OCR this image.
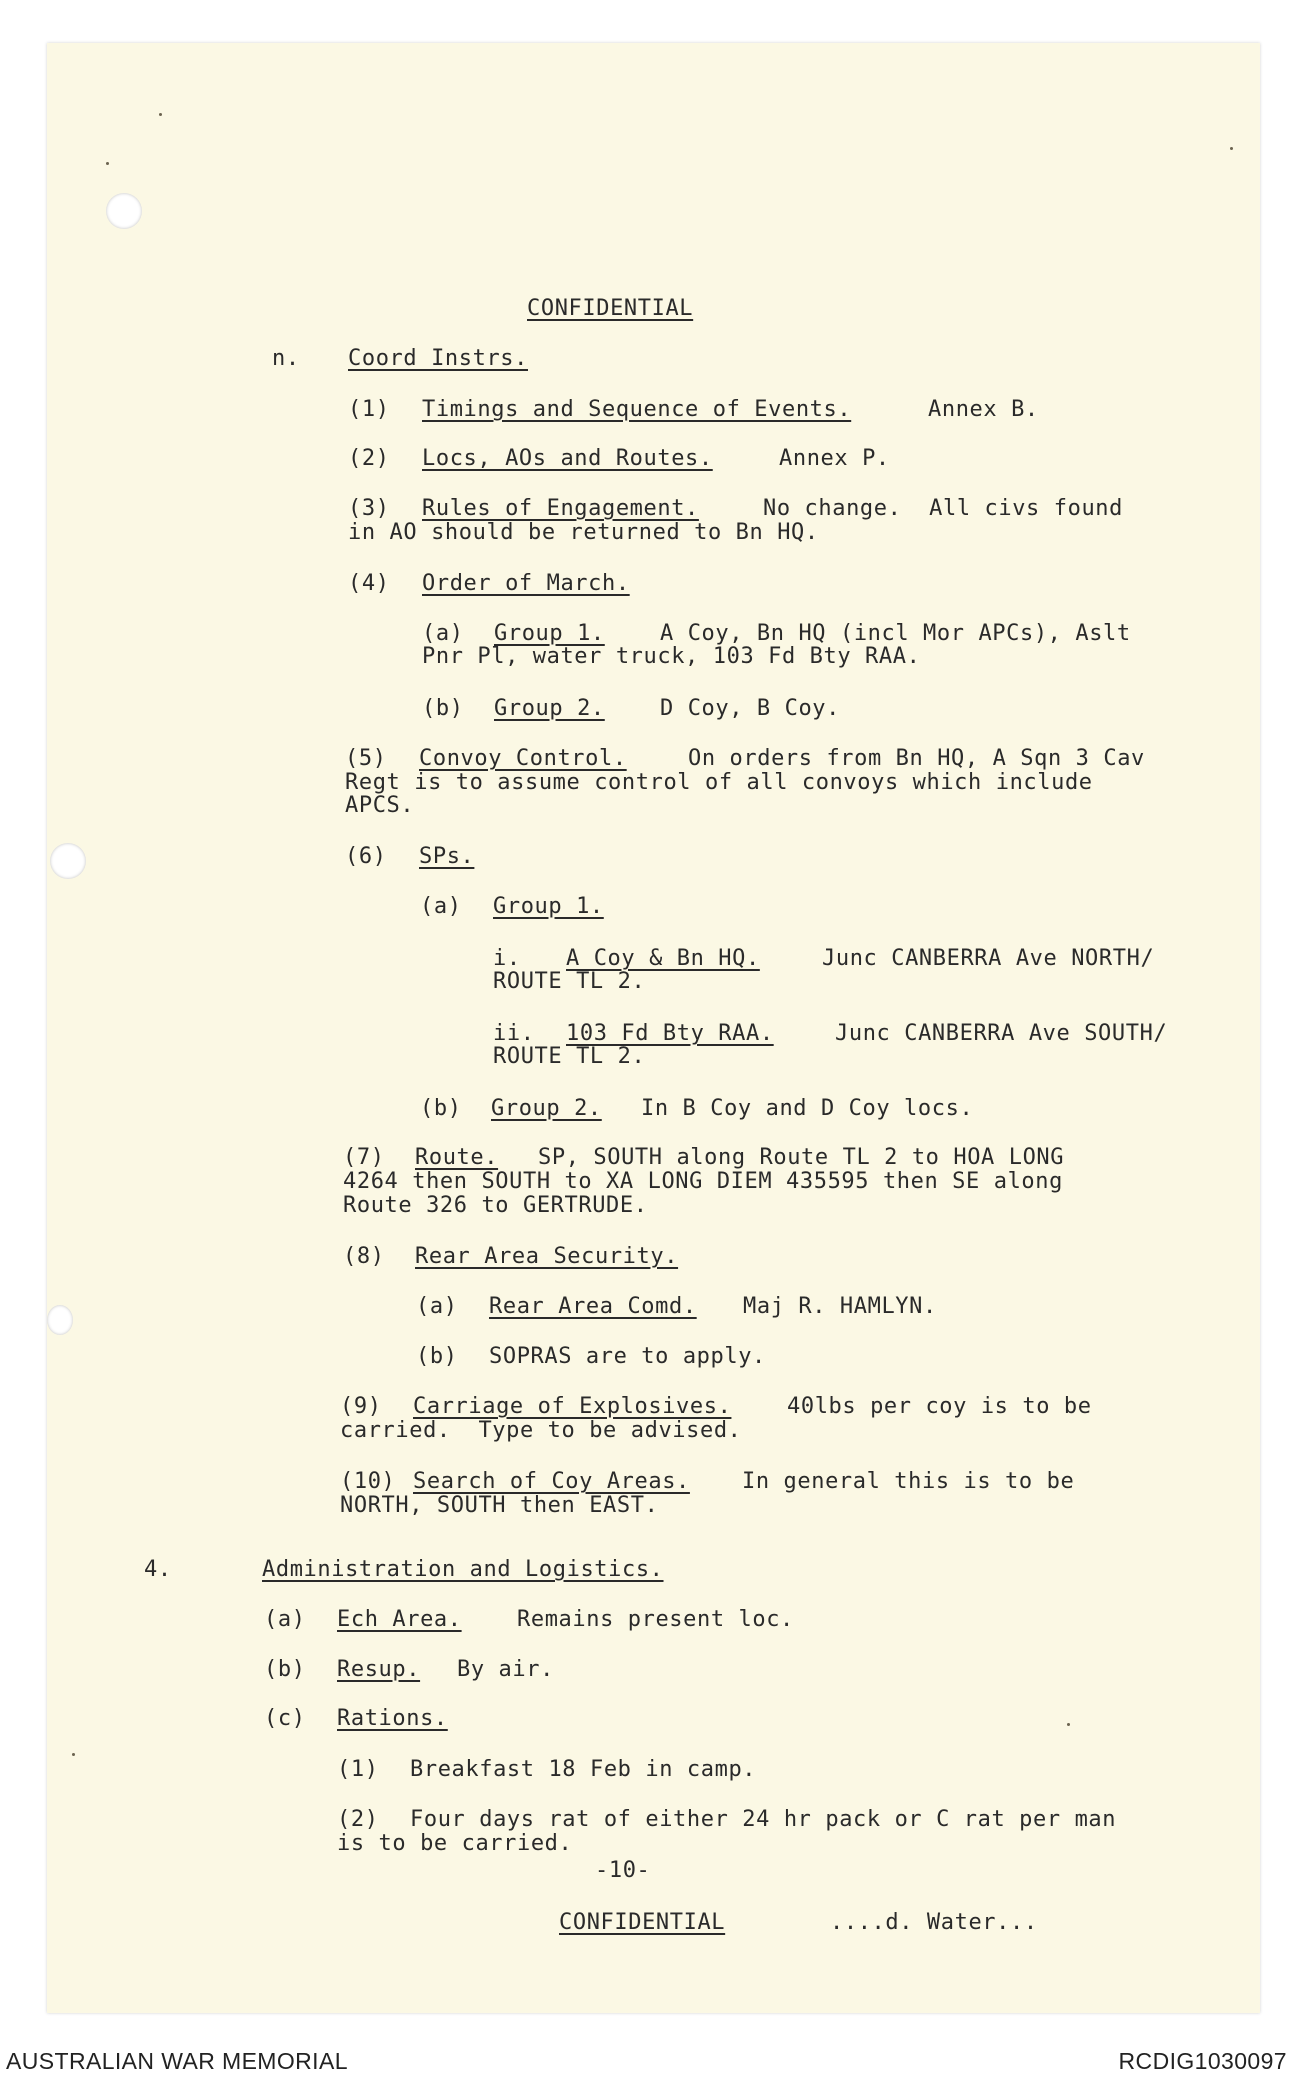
CONFIDENTIAL
n. Coord Instrs.
(1) Timings and Sequence of Events.	Annex B.
(2) Locs, AOs and Routes.	Annex P.
(3) Rules of Engagement.	No change.  All civs found
in AO should be returned to Bn HQ.
(4) Order of March.
(a) Group 1.	A Coy, Bn HQ (incl Mor APCs), Aslt
Pnr Pl, water truck, 103 Fd Bty RAA.
(b) Group 2.	D Coy, B Coy.
(5) Convoy Control.	On orders from Bn HQ, A Sqn 3 Cav
Regt is to assume control of all convoys which include
APCS.
(6) SPs.
(a) Group 1.
i. A Coy & Bn HQ.	Junc CANBERRA Ave NORTH/
ROUTE TL 2.
ii. 103 Fd Bty RAA.	Junc CANBERRA Ave SOUTH/
ROUTE TL 2.
(b) Group 2. In B Coy and D Coy locs.
(7) Route. SP, SOUTH along Route TL 2 to HOA LONG
4264 then SOUTH to XA LONG DIEM 435595 then SE along
Route 326 to GERTRUDE.
(8) Rear Area Security.
(a) Rear Area Comd. Maj R. HAMLYN.
(b) SOPRAS are to apply.
(9) Carriage of Explosives.	40lbs per coy is to be
carried.  Type to be advised.
(10) Search of Coy Areas. In general this is to be
NORTH, SOUTH then EAST.
4.	Administration and Logistics.
(a) Ech Area.	Remains present loc.
(b) Resup. By air.
(c) Rations.
(1) Breakfast 18 Feb in camp.
(2) Four days rat of either 24 hr pack or C rat per man
is to be carried.
-10-
CONFIDENTIAL	....d. Water...
AUSTRALIAN WAR MEMORIAL	RCDIG1030097
